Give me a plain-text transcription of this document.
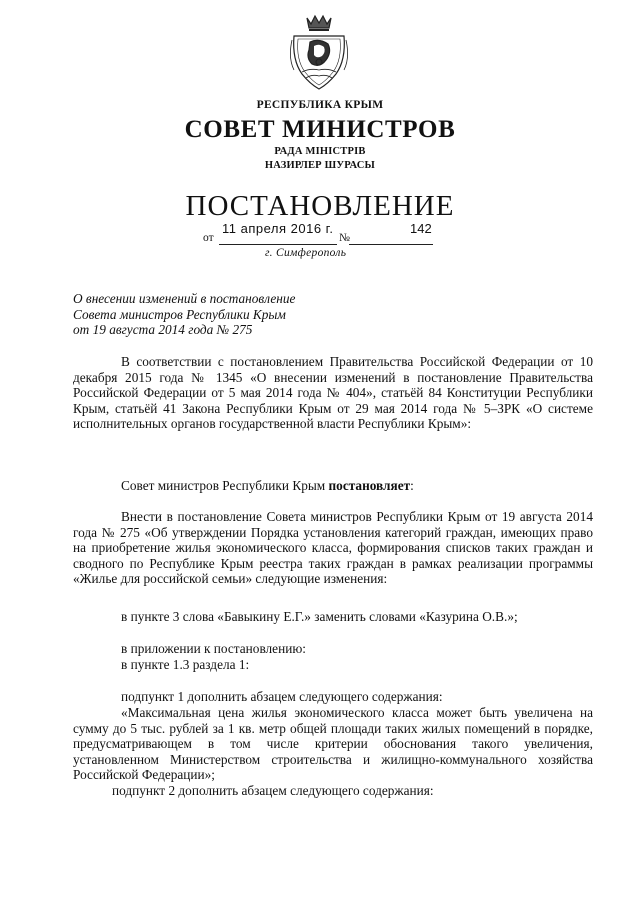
РЕСПУБЛИКА КРЫМ
СОВЕТ МИНИСТРОВ
РАДА МІНІСТРІВ
НАЗИРЛЕР ШУРАСЫ
ПОСТАНОВЛЕНИЕ
от	№
11 апреля 2016 г.	142
г. Симферополь
О внесении изменений в постановление
Совета министров Республики Крым
от 19 августа 2014 года № 275
В соответствии с постановлением Правительства Российской Федерации от 10 декабря 2015 года № 1345 «О внесении изменений в постановление Правительства Российской Федерации от 5 мая 2014 года № 404», статьёй 84 Конституции Республики Крым, статьёй 41 Закона Республики Крым от 29 мая 2014 года № 5–ЗРК «О системе исполнительных органов государственной власти Республики Крым»:
Совет министров Республики Крым постановляет:
Внести в постановление Совета министров Республики Крым от 19 августа 2014 года № 275 «Об утверждении Порядка установления категорий граждан, имеющих право на приобретение жилья экономического класса, формирования списков таких граждан и сводного по Республике Крым реестра таких граждан в рамках реализации программы «Жилье для российской семьи» следующие изменения:
в пункте 3 слова «Бавыкину Е.Г.» заменить словами «Казурина О.В.»;
в приложении к постановлению:
в пункте 1.3 раздела 1:
подпункт 1 дополнить абзацем следующего содержания:
«Максимальная цена жилья экономического класса может быть увеличена на сумму до 5 тыс. рублей за 1 кв. метр общей площади таких жилых помещений в порядке, предусматривающем в том числе критерии обоснования такого увеличения, установленном Министерством строительства и жилищно-коммунального хозяйства Российской Федерации»;
подпункт 2 дополнить абзацем следующего содержания:
